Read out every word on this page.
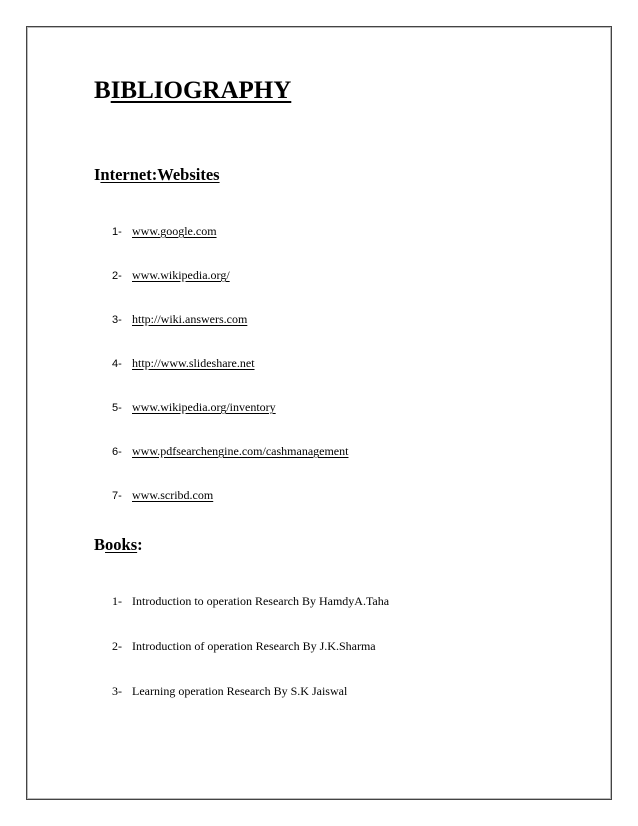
BIBLIOGRAPHY
Internet:Websites
1- www.google.com
2- www.wikipedia.org/
3- http://wiki.answers.com
4- http://www.slideshare.net
5- www.wikipedia.org/inventory
6- www.pdfsearchengine.com/cashmanagement
7- www.scribd.com
Books:
1- Introduction to operation Research By HamdyA.Taha
2- Introduction of operation Research By J.K.Sharma
3- Learning operation Research By S.K Jaiswal
